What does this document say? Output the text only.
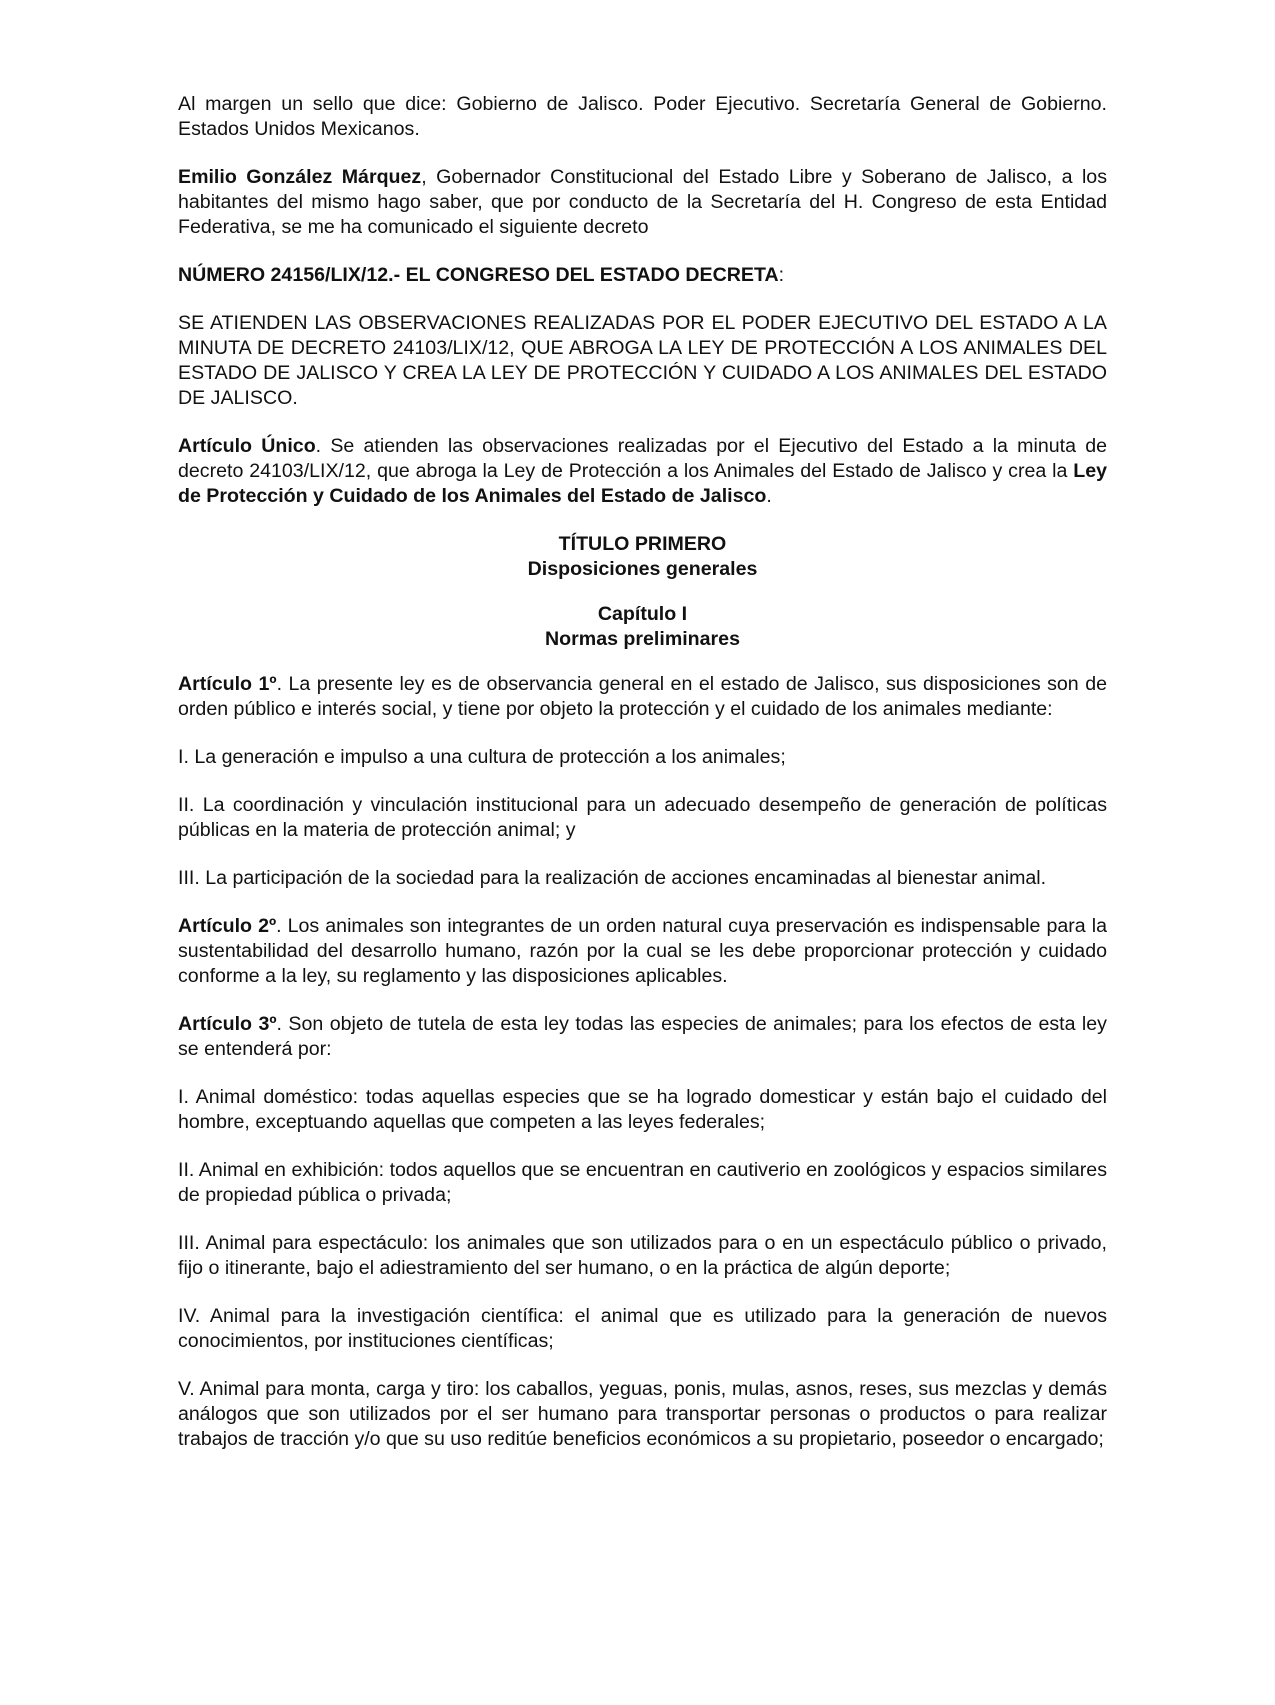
Al margen un sello que dice: Gobierno de Jalisco. Poder Ejecutivo. Secretaría General de Gobierno. Estados Unidos Mexicanos.

Emilio González Márquez, Gobernador Constitucional del Estado Libre y Soberano de Jalisco, a los habitantes del mismo hago saber, que por conducto de la Secretaría del H. Congreso de esta Entidad Federativa, se me ha comunicado el siguiente decreto

NÚMERO 24156/LIX/12.- EL CONGRESO DEL ESTADO DECRETA:

SE ATIENDEN LAS OBSERVACIONES REALIZADAS POR EL PODER EJECUTIVO DEL ESTADO A LA MINUTA DE DECRETO 24103/LIX/12, QUE ABROGA LA LEY DE PROTECCIÓN A LOS ANIMALES DEL ESTADO DE JALISCO Y CREA LA LEY DE PROTECCIÓN Y CUIDADO A LOS ANIMALES DEL ESTADO DE JALISCO.

Artículo Único. Se atienden las observaciones realizadas por el Ejecutivo del Estado a la minuta de decreto 24103/LIX/12, que abroga la Ley de Protección a los Animales del Estado de Jalisco y crea la Ley de Protección y Cuidado de los Animales del Estado de Jalisco.

TÍTULO PRIMERO
Disposiciones generales
Capítulo I
Normas preliminares

Artículo 1º. La presente ley es de observancia general en el estado de Jalisco, sus disposiciones son de orden público e interés social, y tiene por objeto la protección y el cuidado de los animales mediante:

I. La generación e impulso a una cultura de protección a los animales;

II. La coordinación y vinculación institucional para un adecuado desempeño de generación de políticas públicas en la materia de protección animal; y

III. La participación de la sociedad para la realización de acciones encaminadas al bienestar animal.

Artículo 2º. Los animales son integrantes de un orden natural cuya preservación es indispensable para la sustentabilidad del desarrollo humano, razón por la cual se les debe proporcionar protección y cuidado conforme a la ley, su reglamento y las disposiciones aplicables.

Artículo 3º. Son objeto de tutela de esta ley todas las especies de animales; para los efectos de esta ley se entenderá por:

I. Animal doméstico: todas aquellas especies que se ha logrado domesticar y están bajo el cuidado del hombre, exceptuando aquellas que competen a las leyes federales;

II. Animal en exhibición: todos aquellos que se encuentran en cautiverio en zoológicos y espacios similares de propiedad pública o privada;

III. Animal para espectáculo: los animales que son utilizados para o en un espectáculo público o privado, fijo o itinerante, bajo el adiestramiento del ser humano, o en la práctica de algún deporte;

IV. Animal para la investigación científica: el animal que es utilizado para la generación de nuevos conocimientos, por instituciones científicas;

V. Animal para monta, carga y tiro: los caballos, yeguas, ponis, mulas, asnos, reses, sus mezclas y demás análogos que son utilizados por el ser humano para transportar personas o productos o para realizar trabajos de tracción y/o que su uso reditúe beneficios económicos a su propietario, poseedor o encargado;
